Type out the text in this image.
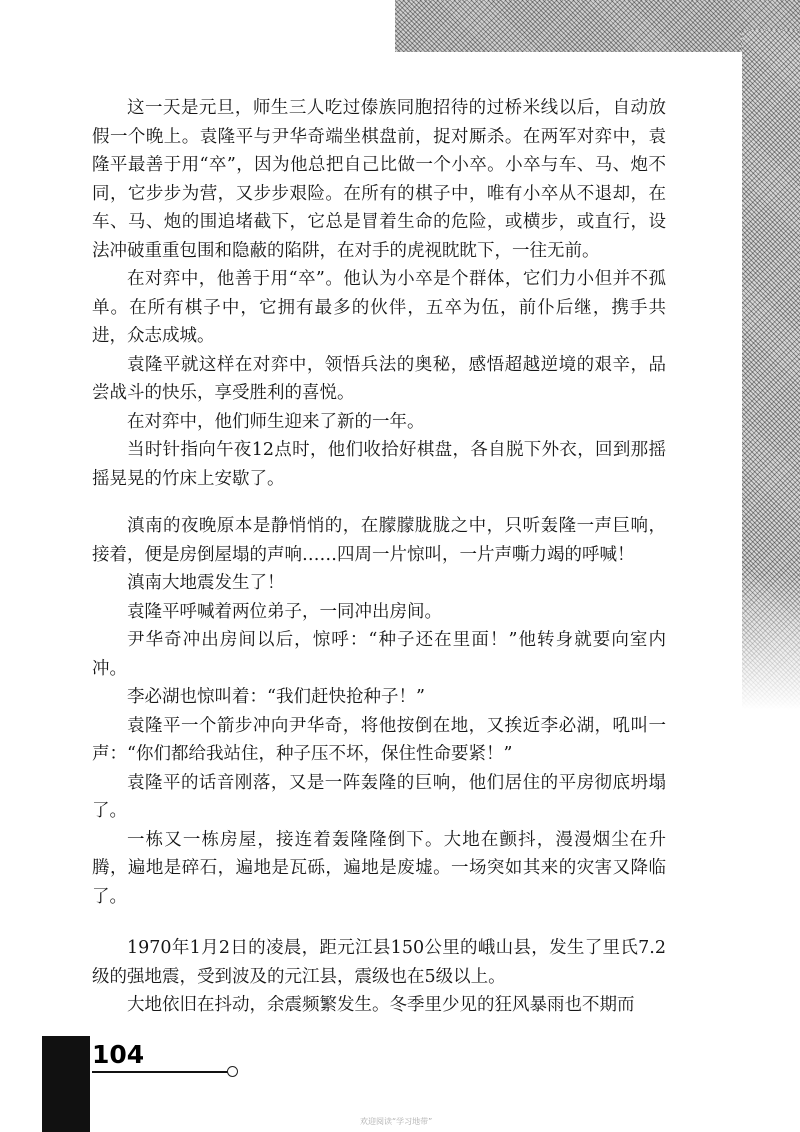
这一天是元旦，师生三人吃过傣族同胞招待的过桥米线以后，自动放假一个晚上。袁隆平与尹华奇端坐棋盘前，捉对厮杀。在两军对弈中，袁隆平最善于用“卒”，因为他总把自己比做一个小卒。小卒与车、马、炮不同，它步步为营，又步步艰险。在所有的棋子中，唯有小卒从不退却，在车、马、炮的围追堵截下，它总是冒着生命的危险，或横步，或直行，设法冲破重重包围和隐蔽的陷阱，在对手的虎视眈眈下，一往无前。

在对弈中，他善于用“卒”。他认为小卒是个群体，它们力小但并不孤单。在所有棋子中，它拥有最多的伙伴，五卒为伍，前仆后继，携手共进，众志成城。

袁隆平就这样在对弈中，领悟兵法的奥秘，感悟超越逆境的艰辛，品尝战斗的快乐，享受胜利的喜悦。

在对弈中，他们师生迎来了新的一年。

当时针指向午夜12点时，他们收拾好棋盘，各自脱下外衣，回到那摇摇晃晃的竹床上安歇了。

滇南的夜晚原本是静悄悄的，在朦朦胧胧之中，只听轰隆一声巨响，接着，便是房倒屋塌的声响……四周一片惊叫，一片声嘶力竭的呼喊！

滇南大地震发生了！

袁隆平呼喊着两位弟子，一同冲出房间。

尹华奇冲出房间以后，惊呼：“种子还在里面！”他转身就要向室内冲。

李必湖也惊叫着：“我们赶快抢种子！”

袁隆平一个箭步冲向尹华奇，将他按倒在地，又挨近李必湖，吼叫一声：“你们都给我站住，种子压不坏，保住性命要紧！”

袁隆平的话音刚落，又是一阵轰隆的巨响，他们居住的平房彻底坍塌了。

一栋又一栋房屋，接连着轰隆隆倒下。大地在颤抖，漫漫烟尘在升腾，遍地是碎石，遍地是瓦砾，遍地是废墟。一场突如其来的灾害又降临了。

1970年1月2日的凌晨，距元江县150公里的峨山县，发生了里氏7.2级的强地震，受到波及的元江县，震级也在5级以上。

大地依旧在抖动，余震频繁发生。冬季里少见的狂风暴雨也不期而

104
欢迎阅读“学习地带”
